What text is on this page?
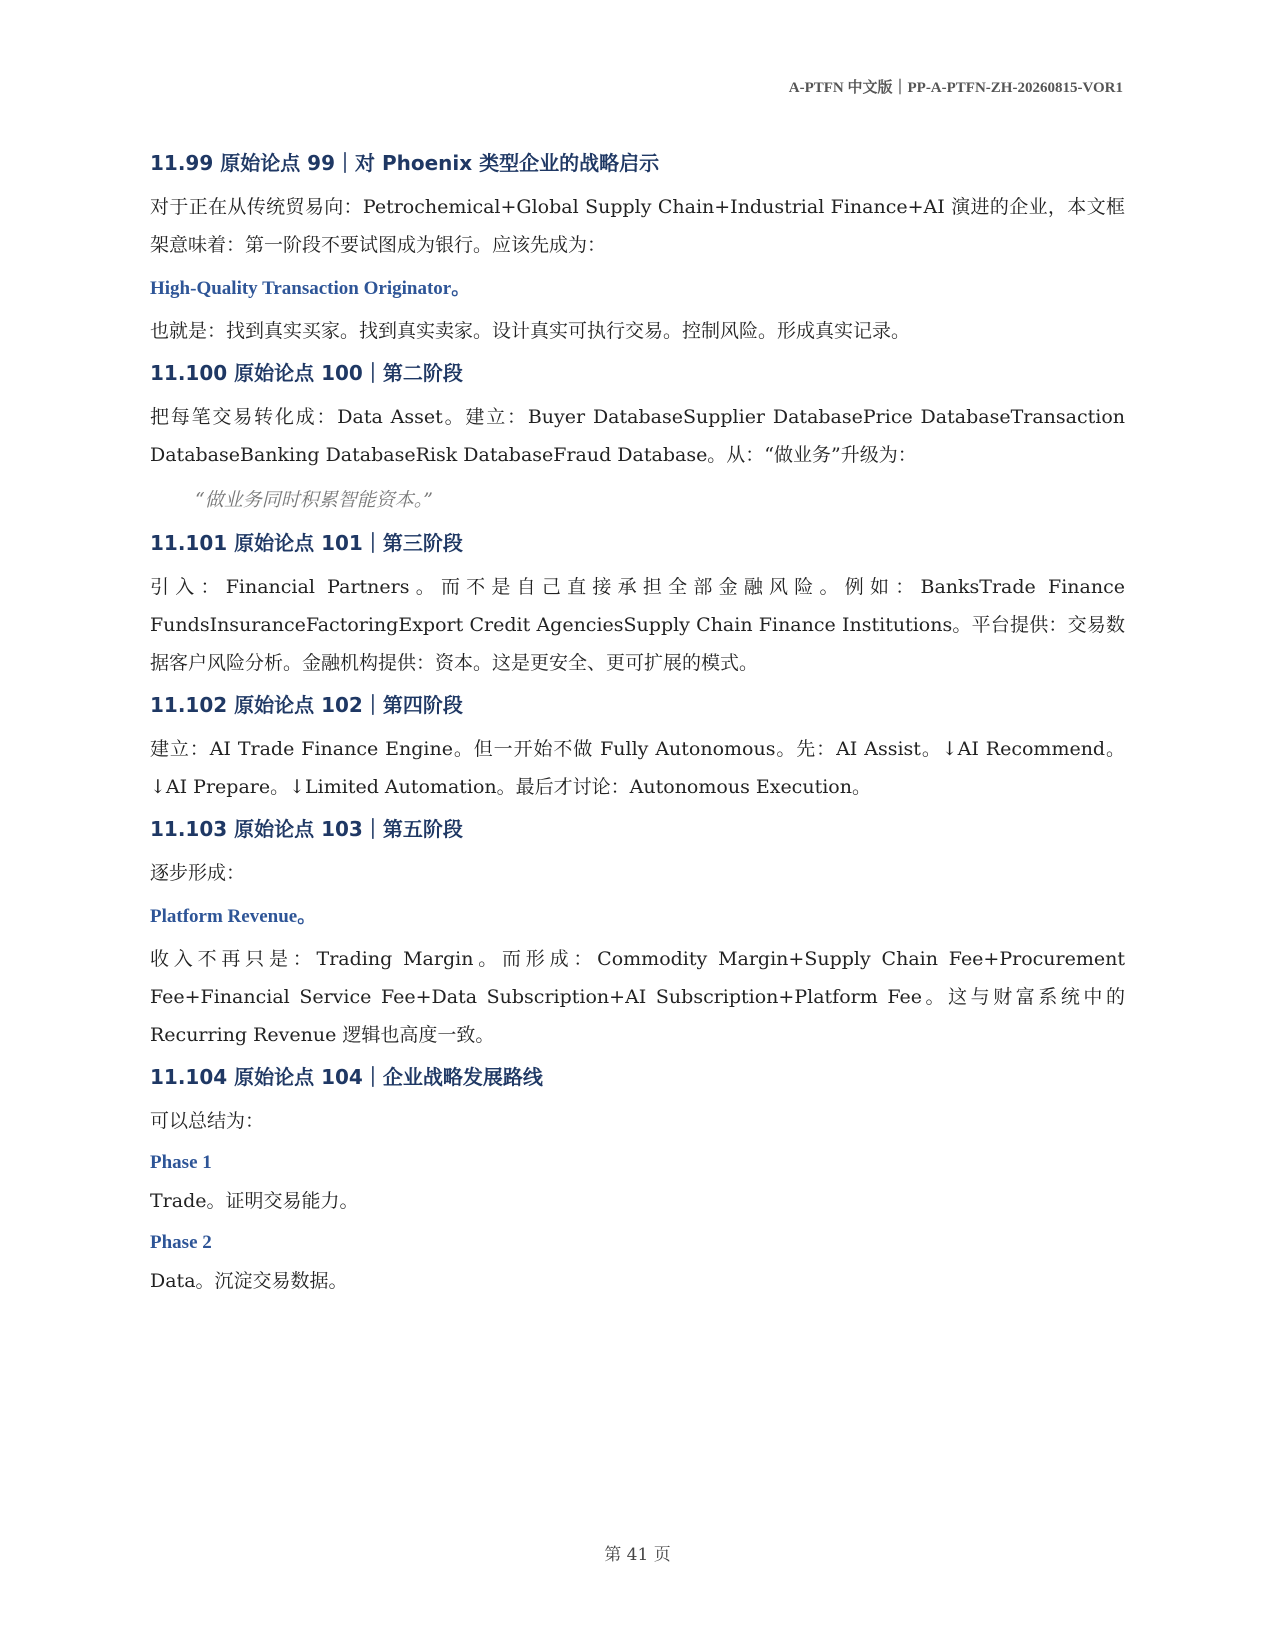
A-PTFN 中文版｜PP-A-PTFN-ZH-20260815-VOR1
11.99 原始论点 99｜对 Phoenix 类型企业的战略启示

对于正在从传统贸易向：Petrochemical+Global Supply Chain+Industrial Finance+AI 演进的企业，本文框架意味着：第一阶段不要试图成为银行。应该先成为：

High-Quality Transaction Originator。

也就是：找到真实买家。找到真实卖家。设计真实可执行交易。控制风险。形成真实记录。

11.100 原始论点 100｜第二阶段

把每笔交易转化成：Data Asset。建立：Buyer DatabaseSupplier DatabasePrice DatabaseTransaction DatabaseBanking DatabaseRisk DatabaseFraud Database。从：“做业务”升级为：

“做业务同时积累智能资本。”

11.101 原始论点 101｜第三阶段

引入：Financial Partners。而不是自己直接承担全部金融风险。例如：BanksTrade Finance FundsInsuranceFactoringExport Credit AgenciesSupply Chain Finance Institutions。平台提供：交易数据客户风险分析。金融机构提供：资本。这是更安全、更可扩展的模式。

11.102 原始论点 102｜第四阶段

建立：AI Trade Finance Engine。但一开始不做 Fully Autonomous。先：AI Assist。↓AI Recommend。↓AI Prepare。↓Limited Automation。最后才讨论：Autonomous Execution。

11.103 原始论点 103｜第五阶段

逐步形成：

Platform Revenue。

收入不再只是：Trading Margin。而形成：Commodity Margin+Supply Chain Fee+Procurement Fee+Financial Service Fee+Data Subscription+AI Subscription+Platform Fee。这与财富系统中的 Recurring Revenue 逻辑也高度一致。

11.104 原始论点 104｜企业战略发展路线

可以总结为：

Phase 1

Trade。证明交易能力。

Phase 2

Data。沉淀交易数据。

第 41 页
